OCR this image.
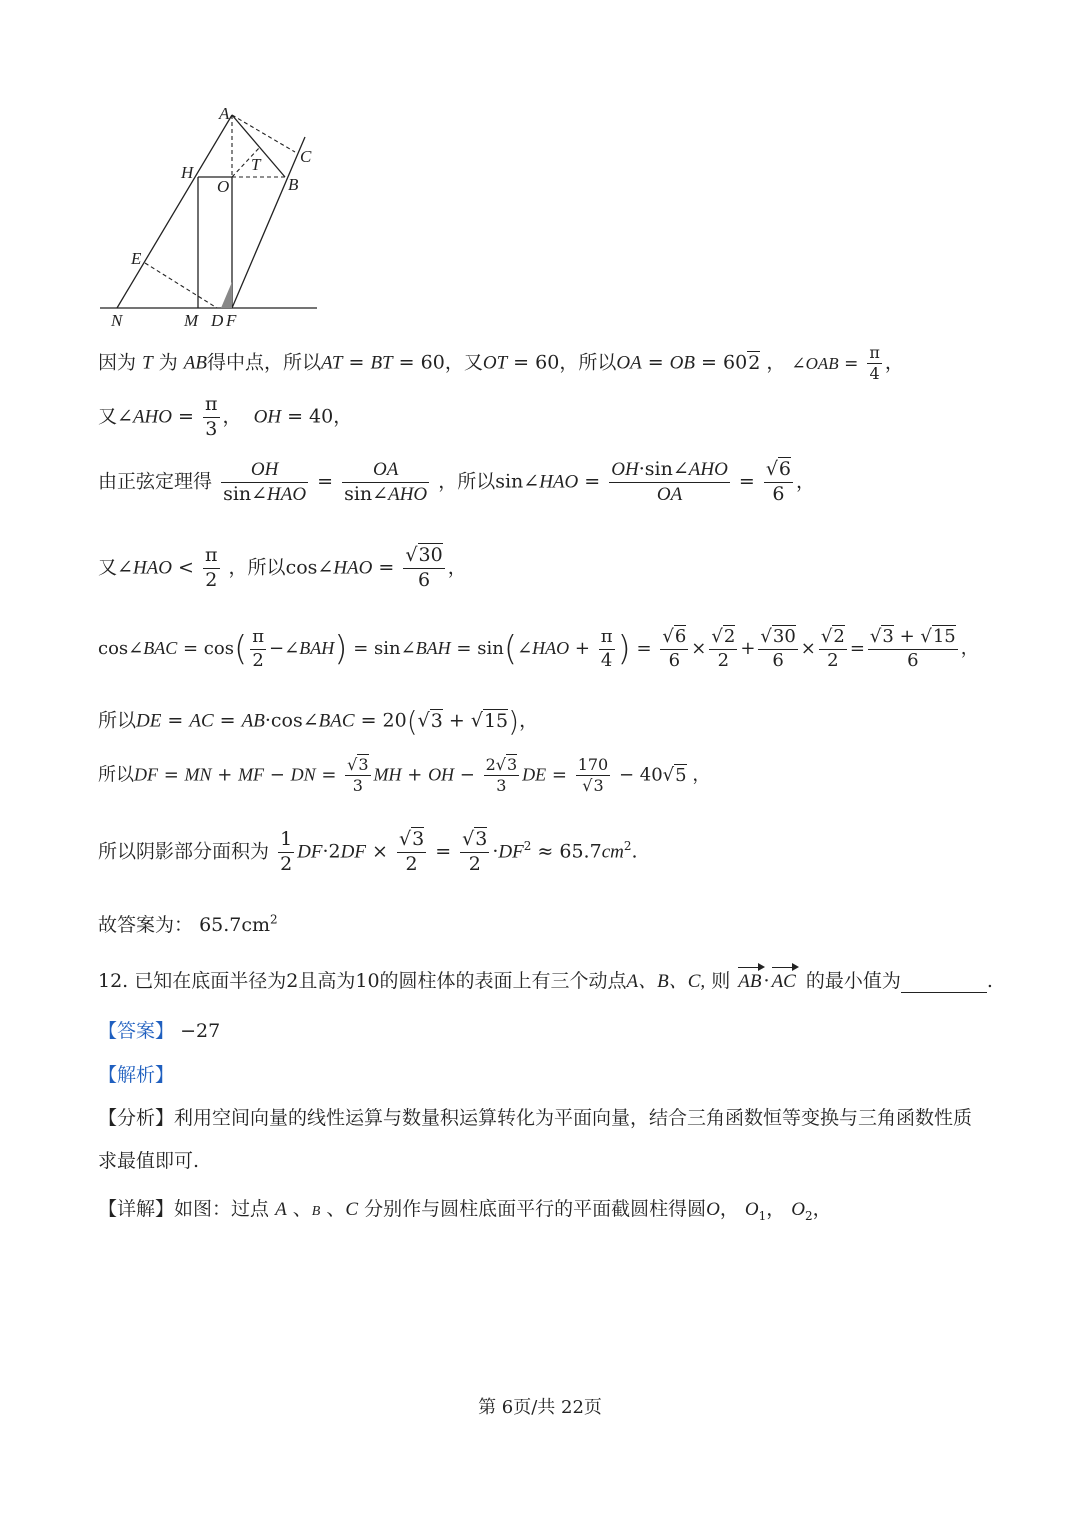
A
C
H	T
O	B
E
N	M D F
因为 T 为 AB得中点，所以AT = BT = 60，又OT = 60，所以OA = OB = 602 ， ∠OAB = $\frac{\pi}{4}$ ，
又∠AHO = $\frac{\pi}{3}$ ，  OH = 40，
由正弦定理得 $\frac{OH}{\text{sin∠HAO}} = \frac{OA}{\text{sin∠AHO}}$ ，所以sin∠HAO = $\frac{\text{OH·sin∠AHO}}{OA} = \frac{√6}{6}$ ，
又∠HAO < $\frac{\pi}{2}$ ，所以cos∠HAO = $\frac{√30}{6}$ ，
cos∠BAC = $\cos( \frac{\pi}{2}$ −∠BAH) = sin∠BAH = sin(∠HAO + $\frac{\pi}{4}$ ) = $\frac{√6}{6} \times \frac{√2}{2} + \frac{√30}{6} \times \frac{√2}{2} = \frac{√3 + √15}{6}$ ，
所以DE = AC = AB·cos∠BAC = 20(√3 + √15)，
所以DF = MN + MF − DN = $\frac{√3}{3}$ MH + OH − $\frac{2√3}{3}$ DE = $\frac{170}{√3} - 40√5$ ，
所以阴影部分面积为 $\frac{1}{2} DF\cdot 2DF \times \frac{√3}{2} = \frac{√3}{2} \cdot DF^2 \approx 65.7cm^2$.
故答案为： $65.7cm^2$
12. 已知在底面半径为2且高为10的圆柱体的表面上有三个动点A、B、C, 则 AB · AC 的最小值为	.
【答案】 −27
【解析】
【分析】利用空间向量的线性运算与数量积运算转化为平面向量，结合三角函数恒等变换与三角函数性质
求最值即可.
【详解】如图：过点 A 、B 、C 分别作与圆柱底面平行的平面截圆柱得圆O， $O_1$， $O_2$，
第 6页/共 22页
